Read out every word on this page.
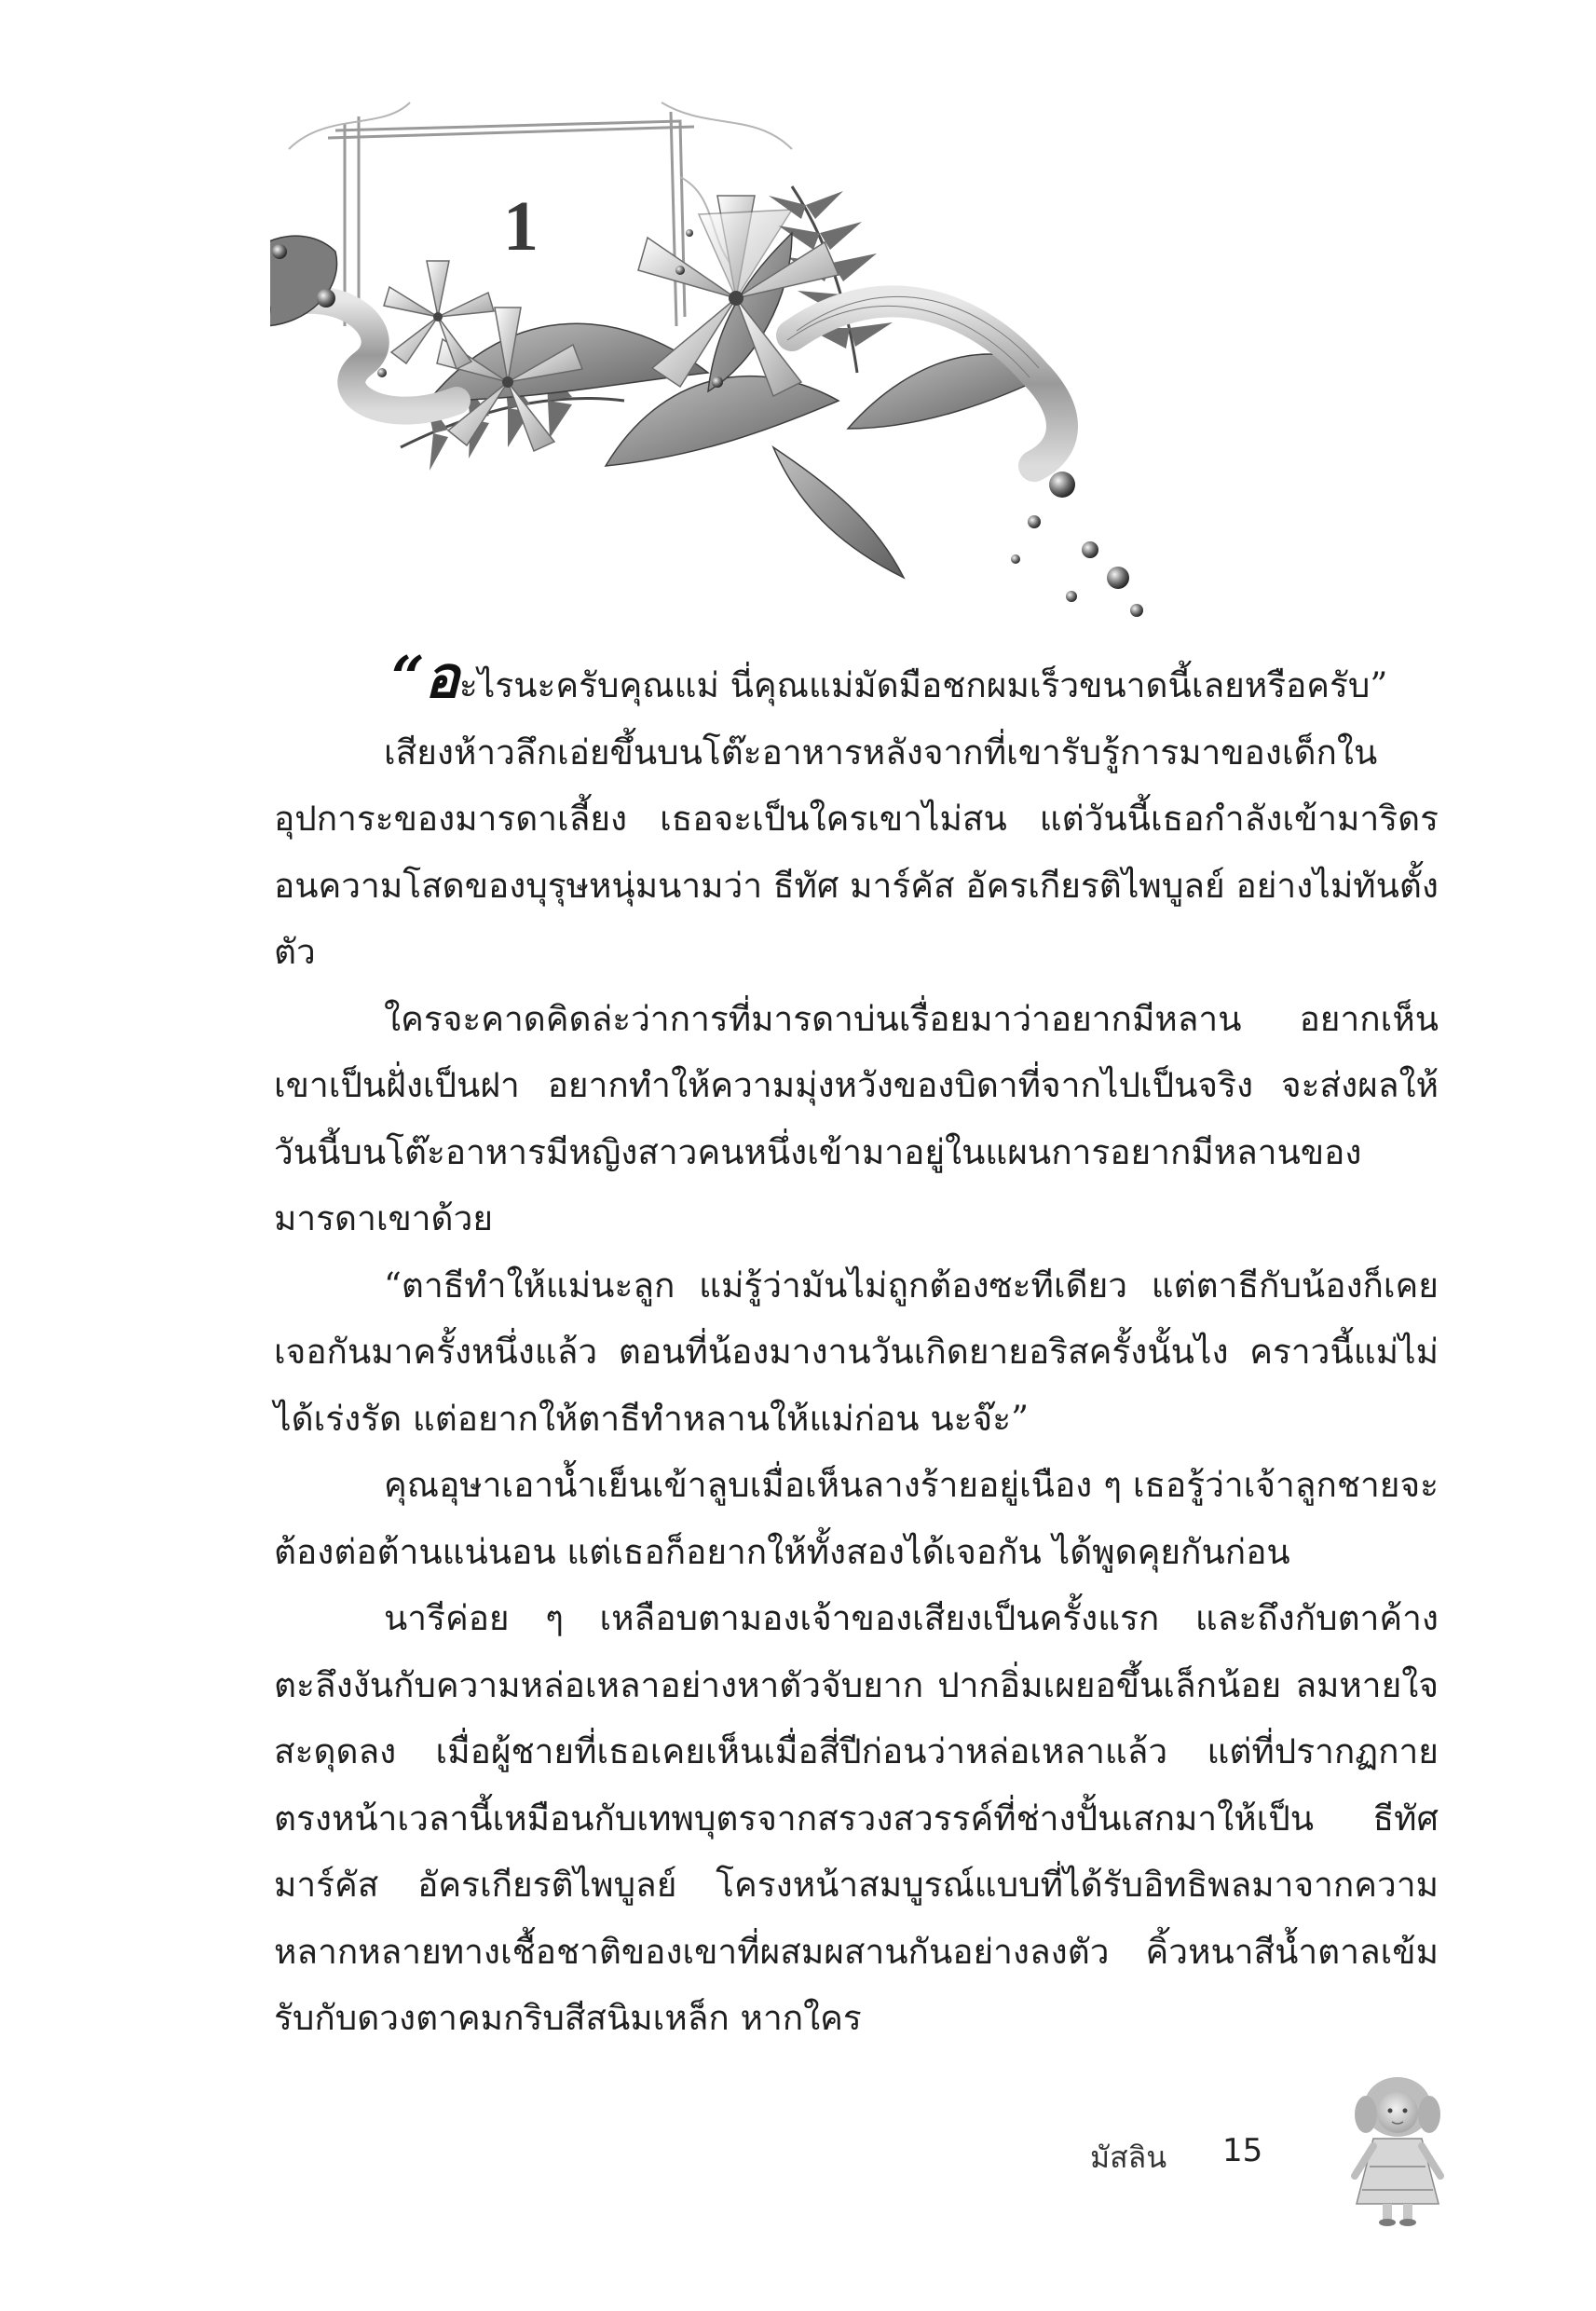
1

“อะไรนะครับคุณแม่ นี่คุณแม่มัดมือชกผมเร็วขนาดนี้เลยหรือครับ”

เสียงห้าวลึกเอ่ยขึ้นบนโต๊ะอาหารหลังจากที่เขารับรู้การมาของเด็กในอุปการะของมารดาเลี้ยง เธอจะเป็นใครเขาไม่สน แต่วันนี้เธอกำลังเข้ามาริดรอนความโสดของบุรุษหนุ่มนามว่า ธีทัศ มาร์คัส อัครเกียรติไพบูลย์ อย่างไม่ทันตั้งตัว

ใครจะคาดคิดล่ะว่าการที่มารดาบ่นเรื่อยมาว่าอยากมีหลาน อยากเห็นเขาเป็นฝั่งเป็นฝา อยากทำให้ความมุ่งหวังของบิดาที่จากไปเป็นจริง จะส่งผลให้วันนี้บนโต๊ะอาหารมีหญิงสาวคนหนึ่งเข้ามาอยู่ในแผนการอยากมีหลานของมารดาเขาด้วย

“ตาธีทำให้แม่นะลูก แม่รู้ว่ามันไม่ถูกต้องซะทีเดียว แต่ตาธีกับน้องก็เคยเจอกันมาครั้งหนึ่งแล้ว ตอนที่น้องมางานวันเกิดยายอริสครั้งนั้นไง คราวนี้แม่ไม่ได้เร่งรัด แต่อยากให้ตาธีทำหลานให้แม่ก่อน นะจ๊ะ”

คุณอุษาเอาน้ำเย็นเข้าลูบเมื่อเห็นลางร้ายอยู่เนือง ๆ เธอรู้ว่าเจ้าลูกชายจะต้องต่อต้านแน่นอน แต่เธอก็อยากให้ทั้งสองได้เจอกัน ได้พูดคุยกันก่อน

นารีค่อย ๆ เหลือบตามองเจ้าของเสียงเป็นครั้งแรก และถึงกับตาค้างตะลึงงันกับความหล่อเหลาอย่างหาตัวจับยาก ปากอิ่มเผยอขึ้นเล็กน้อย ลมหายใจสะดุดลง เมื่อผู้ชายที่เธอเคยเห็นเมื่อสี่ปีก่อนว่าหล่อเหลาแล้ว แต่ที่ปรากฏกายตรงหน้าเวลานี้เหมือนกับเทพบุตรจากสรวงสวรรค์ที่ช่างปั้นเสกมาให้เป็น ธีทัศ มาร์คัส อัครเกียรติไพบูลย์ โครงหน้าสมบูรณ์แบบที่ได้รับอิทธิพลมาจากความหลากหลายทางเชื้อชาติของเขาที่ผสมผสานกันอย่างลงตัว คิ้วหนาสีน้ำตาลเข้มรับกับดวงตาคมกริบสีสนิมเหล็ก หากใคร

มัสลิน 15
